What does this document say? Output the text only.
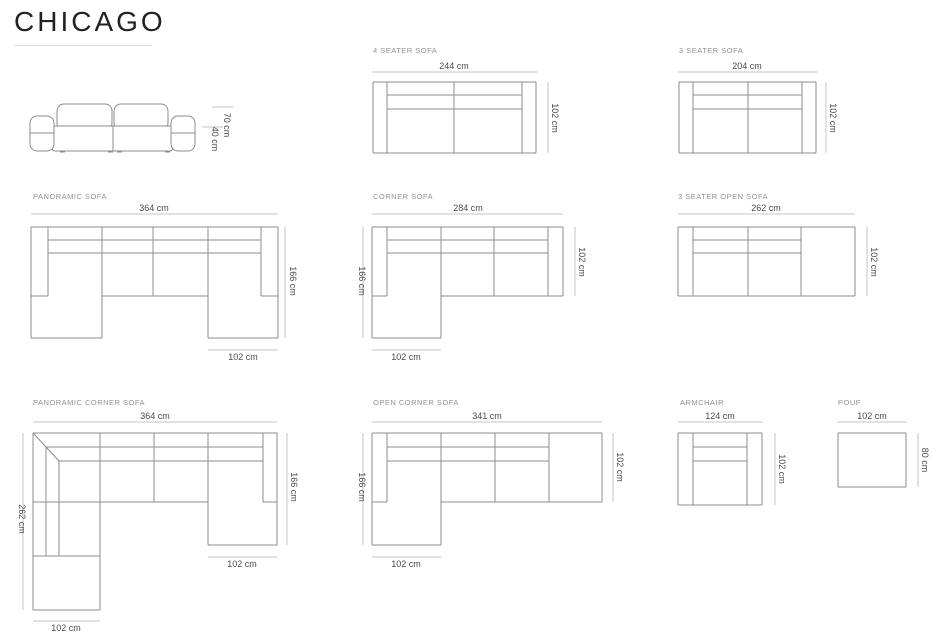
CHICAGO
70 cm
40 cm
244 cm
102 cm
4 SEATER SOFA
204 cm
102 cm
3 SEATER SOFA
364 cm
166 cm
102 cm
PANORAMIC SOFA
284 cm
102 cm
166 cm
102 cm
CORNER SOFA
262 cm
102 cm
3 SEATER OPEN SOFA
364 cm
166 cm
102 cm
262 cm
102 cm
PANORAMIC CORNER SOFA
341 cm
102 cm
166 cm
102 cm
OPEN CORNER SOFA
124 cm
102 cm
ARMCHAIR
102 cm
80 cm
POUF
